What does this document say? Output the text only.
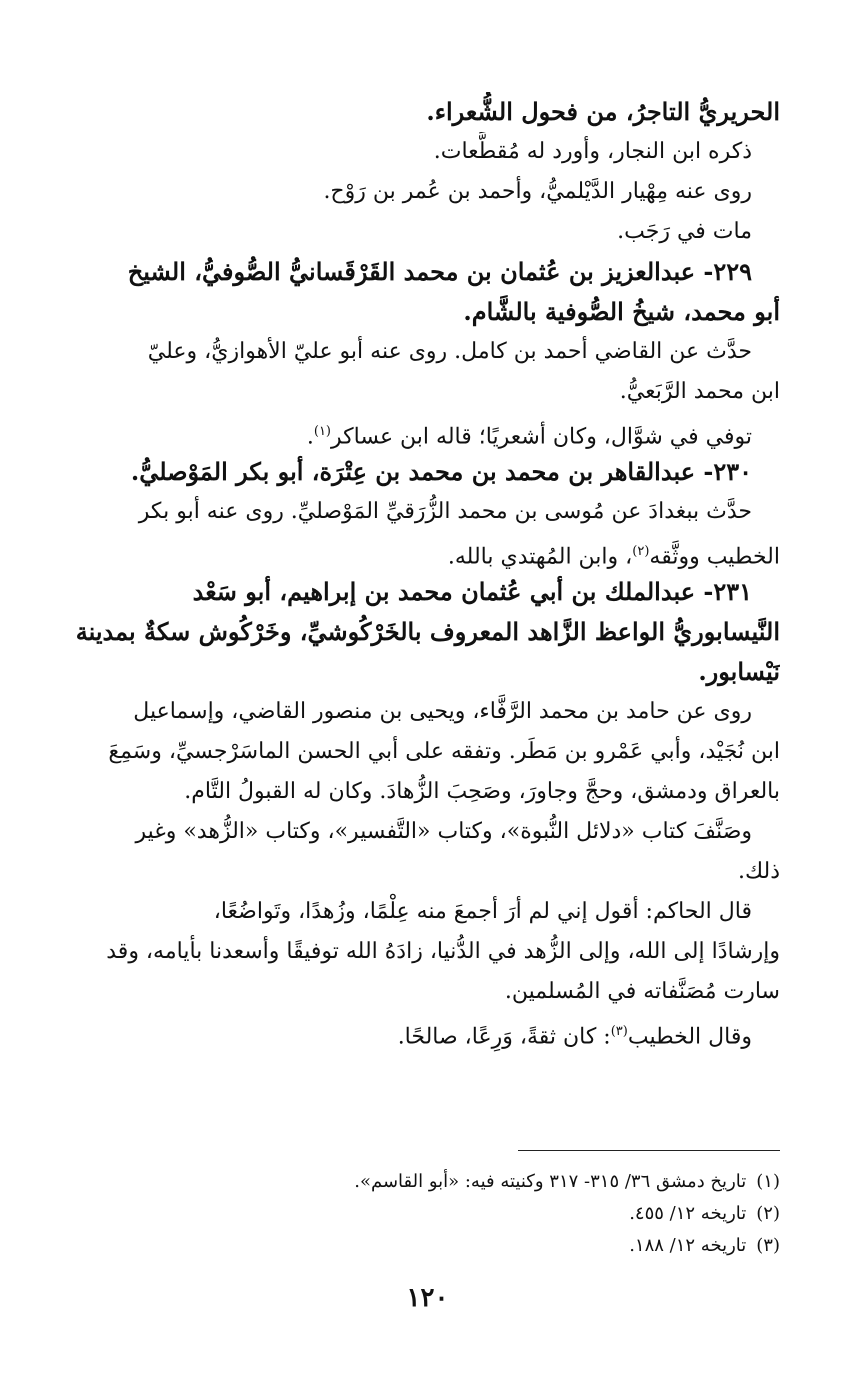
الحريريُّ التاجرُ، من فحول الشُّعراء.
ذكره ابن النجار، وأورد له مُقطَّعات.
روى عنه مِهْيار الدَّيْلميُّ، وأحمد بن عُمر بن رَوْح.
مات في رَجَب.
٢٢٩- عبدالعزيز بن عُثمان بن محمد القَرْقَسانيُّ الصُّوفيُّ، الشيخ
أبو محمد، شيخُ الصُّوفية بالشَّام.
حدَّث عن القاضي أحمد بن كامل. روى عنه أبو عليّ الأهوازيُّ، وعليّ
ابن محمد الرَّبَعيُّ.
توفي في شوَّال، وكان أشعريًا؛ قاله ابن عساكر$^{(١)}$.
٢٣٠- عبدالقاهر بن محمد بن محمد بن عِتْرَة، أبو بكر المَوْصليُّ.
حدَّث ببغدادَ عن مُوسى بن محمد الزُّرَقيِّ المَوْصليِّ. روى عنه أبو بكر
الخطيب ووثَّقه$^{(٢)}$، وابن المُهتدي بالله.
٢٣١- عبدالملك بن أبي عُثمان محمد بن إبراهيم، أبو سَعْد
النَّيسابوريُّ الواعظ الزَّاهد المعروف بالخَرْكُوشيِّ، وخَرْكُوش سكةٌ بمدينة
نَيْسابور.
روى عن حامد بن محمد الرَّفَّاء، ويحيى بن منصور القاضي، وإسماعيل
ابن نُجَيْد، وأبي عَمْرو بن مَطَر. وتفقه على أبي الحسن الماسَرْجسيِّ، وسَمِعَ
بالعراق ودمشق، وحجَّ وجاورَ، وصَحِبَ الزُّهادَ. وكان له القبولُ التَّام.
وصَنَّفَ كتاب «دلائل النُّبوة»، وكتاب «التَّفسير»، وكتاب «الزُّهد» وغير
ذلك.
قال الحاكم: أقول إني لم أرَ أجمعَ منه عِلْمًا، وزُهدًا، وتَواضُعًا،
وإرشادًا إلى الله، وإلى الزُّهد في الدُّنيا، زادَهُ الله توفيقًا وأسعدنا بأيامه، وقد
سارت مُصَنَّفاته في المُسلمين.
وقال الخطيب$^{(٣)}$: كان ثقةً، وَرِعًا، صالحًا.
(١)تاريخ دمشق ٣٦/ ٣١٥- ٣١٧ وكنيته فيه: «أبو القاسم».
(٢)تاريخه ١٢/ ٤٥٥.
(٣)تاريخه ١٢/ ١٨٨.
١٢٠
